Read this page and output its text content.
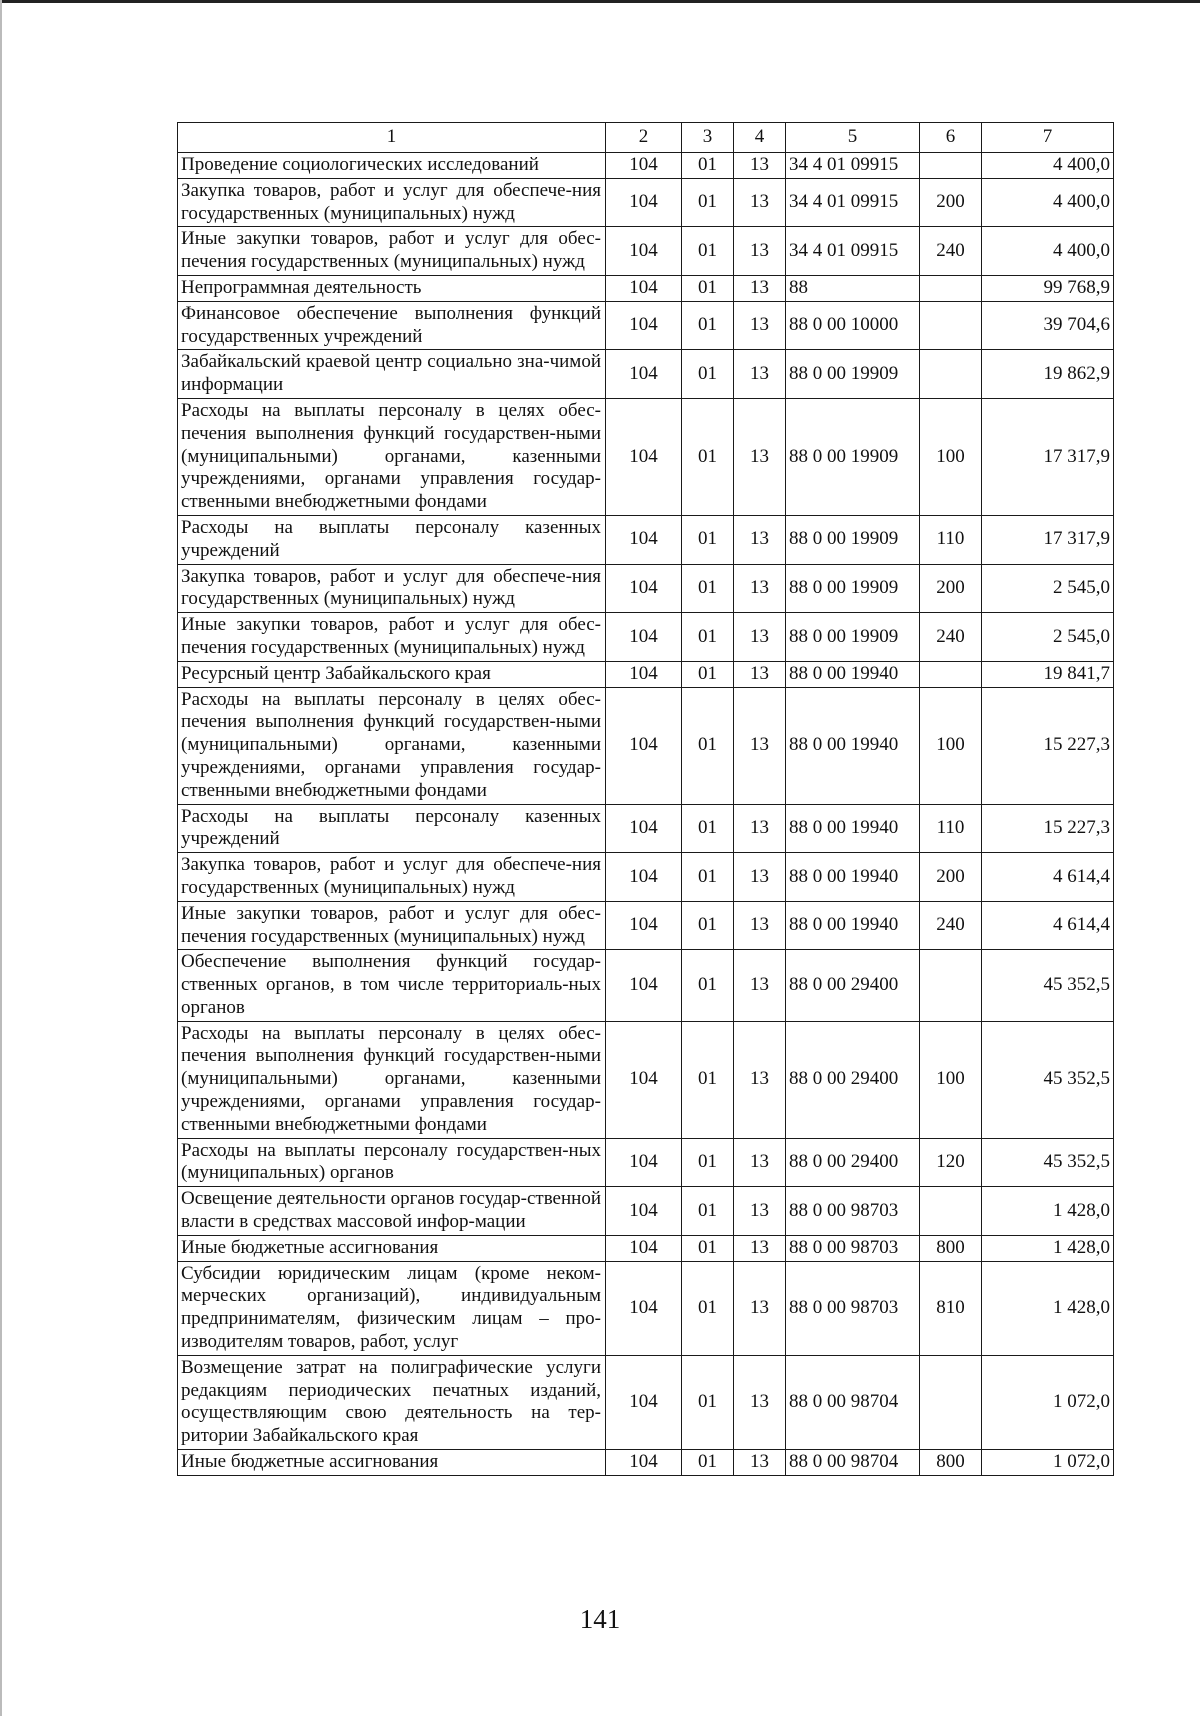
1	2	3	4	5	6	7
Проведение социологических исследований	104	01	13	34 4 01 09915		4 400,0
Закупка товаров, работ и услуг для обеспече-ния государственных (муниципальных) нужд	104	01	13	34 4 01 09915	200	4 400,0
Иные закупки товаров, работ и услуг для обес-печения государственных (муниципальных) нужд	104	01	13	34 4 01 09915	240	4 400,0
Непрограммная деятельность	104	01	13	88		99 768,9
Финансовое обеспечение выполнения функций государственных учреждений	104	01	13	88 0 00 10000		39 704,6
Забайкальский краевой центр социально зна-чимой информации	104	01	13	88 0 00 19909		19 862,9
Расходы на выплаты персоналу в целях обес-печения выполнения функций государствен-ными (муниципальными) органами, казенными учреждениями, органами управления государ-ственными внебюджетными фондами	104	01	13	88 0 00 19909	100	17 317,9
Расходы на выплаты персоналу казенных учреждений	104	01	13	88 0 00 19909	110	17 317,9
Закупка товаров, работ и услуг для обеспече-ния государственных (муниципальных) нужд	104	01	13	88 0 00 19909	200	2 545,0
Иные закупки товаров, работ и услуг для обес-печения государственных (муниципальных) нужд	104	01	13	88 0 00 19909	240	2 545,0
Ресурсный центр Забайкальского края	104	01	13	88 0 00 19940		19 841,7
Расходы на выплаты персоналу в целях обес-печения выполнения функций государствен-ными (муниципальными) органами, казенными учреждениями, органами управления государ-ственными внебюджетными фондами	104	01	13	88 0 00 19940	100	15 227,3
Расходы на выплаты персоналу казенных учреждений	104	01	13	88 0 00 19940	110	15 227,3
Закупка товаров, работ и услуг для обеспече-ния государственных (муниципальных) нужд	104	01	13	88 0 00 19940	200	4 614,4
Иные закупки товаров, работ и услуг для обес-печения государственных (муниципальных) нужд	104	01	13	88 0 00 19940	240	4 614,4
Обеспечение выполнения функций государ-ственных органов, в том числе территориаль-ных органов	104	01	13	88 0 00 29400		45 352,5
Расходы на выплаты персоналу в целях обес-печения выполнения функций государствен-ными (муниципальными) органами, казенными учреждениями, органами управления государ-ственными внебюджетными фондами	104	01	13	88 0 00 29400	100	45 352,5
Расходы на выплаты персоналу государствен-ных (муниципальных) органов	104	01	13	88 0 00 29400	120	45 352,5
Освещение деятельности органов государ-ственной власти в средствах массовой инфор-мации	104	01	13	88 0 00 98703		1 428,0
Иные бюджетные ассигнования	104	01	13	88 0 00 98703	800	1 428,0
Субсидии юридическим лицам (кроме неком-мерческих организаций), индивидуальным предпринимателям, физическим лицам – про-изводителям товаров, работ, услуг	104	01	13	88 0 00 98703	810	1 428,0
Возмещение затрат на полиграфические услуги редакциям периодических печатных изданий, осуществляющим свою деятельность на тер-ритории Забайкальского края	104	01	13	88 0 00 98704		1 072,0
Иные бюджетные ассигнования	104	01	13	88 0 00 98704	800	1 072,0
141
